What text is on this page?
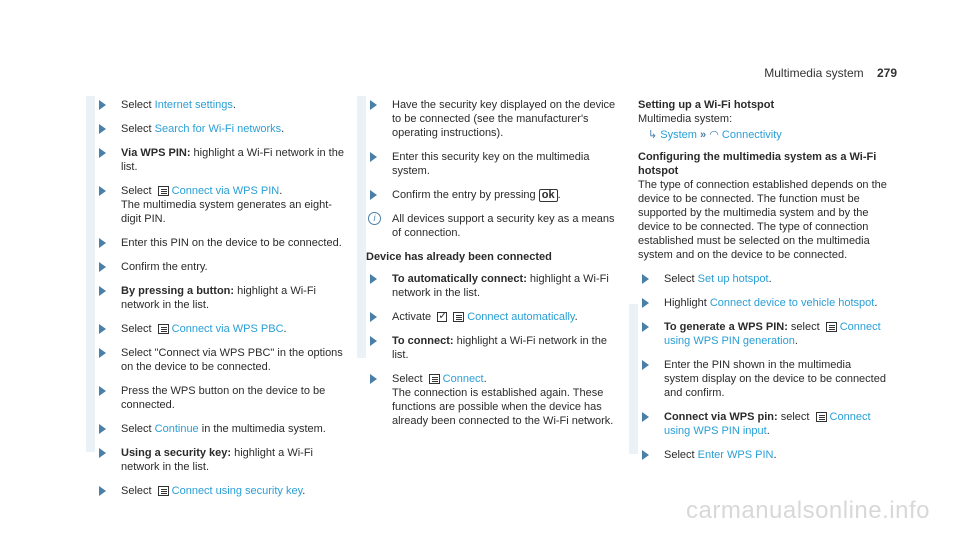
Multimedia system 279
Select Internet settings.
Select Search for Wi-Fi networks.
Via WPS PIN: highlight a Wi-Fi network in the list.
Select Connect via WPS PIN.
The multimedia system generates an eight-digit PIN.
Enter this PIN on the device to be connected.
Confirm the entry.
By pressing a button: highlight a Wi-Fi network in the list.
Select Connect via WPS PBC.
Select "Connect via WPS PBC" in the options on the device to be connected.
Press the WPS button on the device to be connected.
Select Continue in the multimedia system.
Using a security key: highlight a Wi-Fi network in the list.
Select Connect using security key.
Have the security key displayed on the device to be connected (see the manufacturer's operating instructions).
Enter this security key on the multimedia system.
Confirm the entry by pressing ok .
i	All devices support a security key as a means of connection.
Device has already been connected
To automatically connect: highlight a Wi-Fi network in the list.
Activate ✓	Connect automatically.
To connect: highlight a Wi-Fi network in the list.
Select Connect.
The connection is established again. These functions are possible when the device has already been connected to the Wi-Fi network.
Setting up a Wi-Fi hotspot
Multimedia system:
↳ System » ◠ Connectivity
Configuring the multimedia system as a Wi-Fi hotspot
The type of connection established depends on the device to be connected. The function must be supported by the multimedia system and by the device to be connected. The type of connection established must be selected on the multimedia system and on the device to be connected.
Select Set up hotspot.
Highlight Connect device to vehicle hotspot.
To generate a WPS PIN: select Connect using WPS PIN generation.
Enter the PIN shown in the multimedia system display on the device to be connected and confirm.
Connect via WPS pin: select Connect using WPS PIN input.
Select Enter WPS PIN.
carmanualsonline.info
